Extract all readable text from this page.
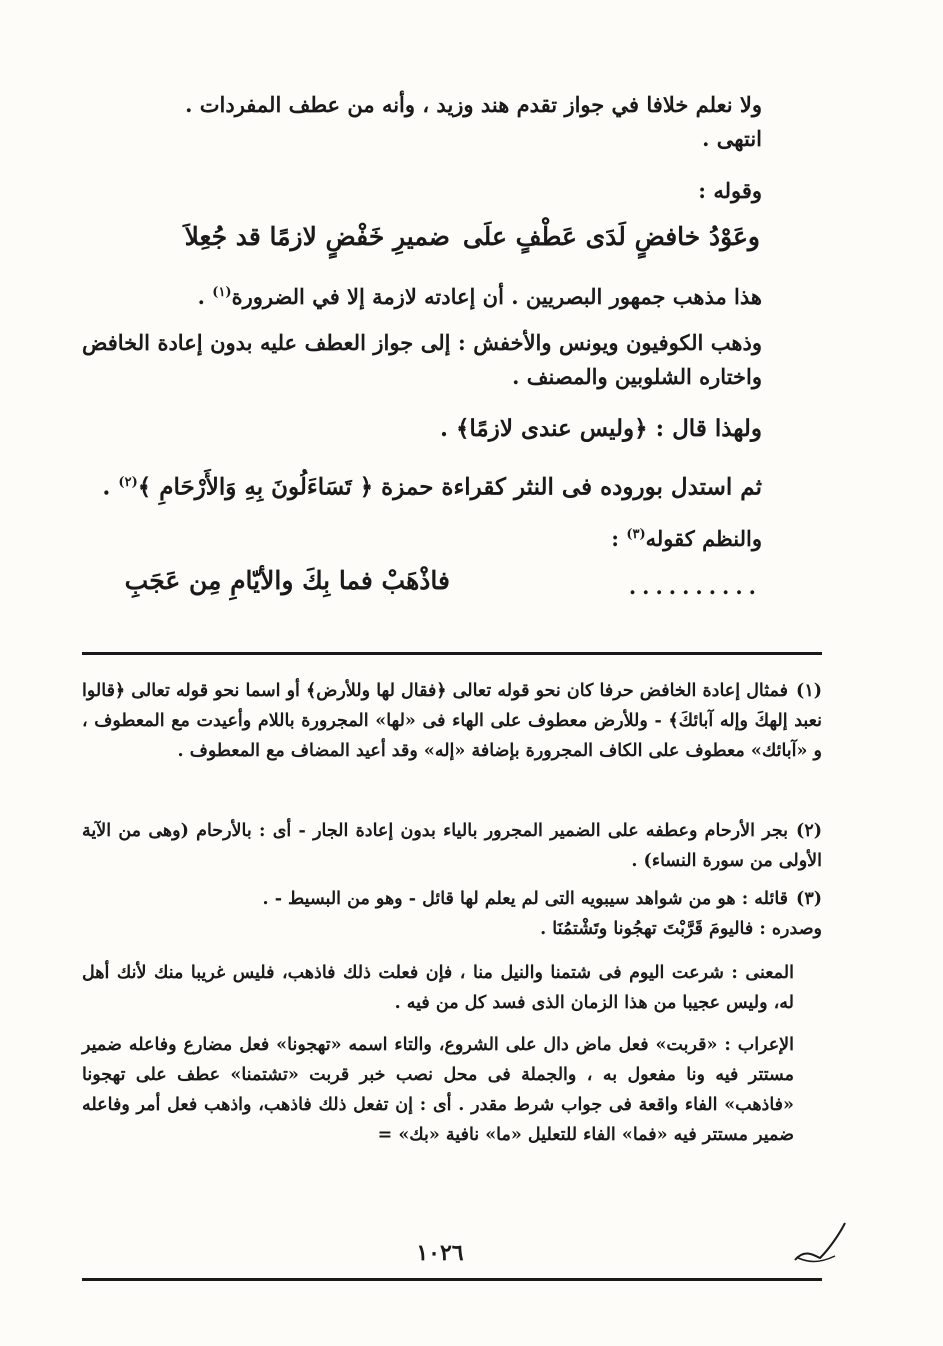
ولا نعلم خلافا في جواز تقدم هند وزيد ، وأنه من عطف المفردات .
انتهى .
وقوله :
وعَوْدُ خافضٍ لَدَى عَطْفٍ علَى
ضميرِ خَفْضٍ لازمًا قد جُعِلاَ
هذا مذهب جمهور البصريين . أن إعادته لازمة إلا في الضرورة$^{(١)}$ .
وذهب الكوفيون ويونس والأخفش : إلى جواز العطف عليه بدون إعادة الخافض واختاره الشلوبين والمصنف .
ولهذا قال : ﴿وليس عندى لازمًا﴾ .
ثم استدل بوروده فى النثر كقراءة حمزة ﴿ تَسَاءَلُونَ بِهِ وَالأَرْحَامِ ﴾$^{(٢)}$ .
والنظم كقوله$^{(٣)}$ :
..........
فاذْهَبْ فما بِكَ والأيّامِ مِن عَجَبِ
(١)فمثال إعادة الخافض حرفا كان نحو قوله تعالى ﴿فقال لها وللأرض﴾ أو اسما نحو قوله تعالى ﴿قالوا نعبد إلهكَ وإله آبائكَ﴾ - وللأرض معطوف على الهاء فى «لها» المجرورة باللام وأعيدت مع المعطوف ، و «آبائك» معطوف على الكاف المجرورة بإضافة «إله» وقد أعيد المضاف مع المعطوف .
(٢)بجر الأرحام وعطفه على الضمير المجرور بالياء بدون إعادة الجار - أى : بالأرحام (وهى من الآية الأولى من سورة النساء) .
(٣)قائله : هو من شواهد سيبويه التى لم يعلم لها قائل - وهو من البسيط - .
وصدره : فاليومَ قَرَّبْتَ تهجُونا وتَشْتمُنَا .
المعنى : شرعت اليوم فى شتمنا والنيل منا ، فإن فعلت ذلك فاذهب، فليس غريبا منك لأنك أهل له، وليس عجيبا من هذا الزمان الذى فسد كل من فيه .
الإعراب : «قربت» فعل ماض دال على الشروع، والتاء اسمه «تهجونا» فعل مضارع وفاعله ضمير مستتر فيه ونا مفعول به ، والجملة فى محل نصب خبر قربت «تشتمنا» عطف على تهجونا «فاذهب» الفاء واقعة فى جواب شرط مقدر . أى : إن تفعل ذلك فاذهب، واذهب فعل أمر وفاعله ضمير مستتر فيه «فما» الفاء للتعليل «ما» نافية «بك» =
١٠٢٦
